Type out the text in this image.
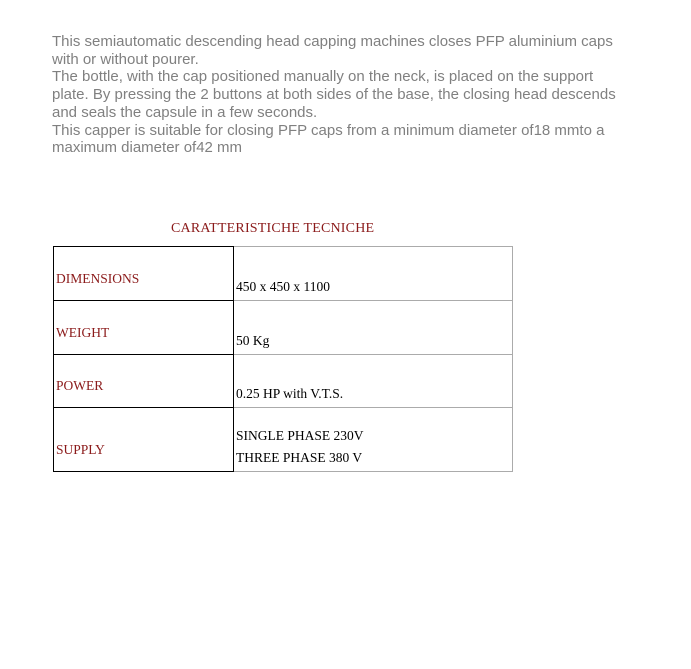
This semiautomatic descending head capping machines closes PFP aluminium caps
with or without pourer.
The bottle, with the cap positioned manually on the neck, is placed on the support
plate. By pressing the 2 buttons at both sides of the base, the closing head descends
and seals the capsule in a few seconds.
This capper is suitable for closing PFP caps from a minimum diameter of18 mmto a
maximum diameter of42 mm
CARATTERISTICHE TECNICHE
DIMENSIONS	450 x 450 x 1100

WEIGHT	50 Kg

POWER	0.25 HP with V.T.S.

SUPPLY	SINGLE PHASE 230V
THREE PHASE 380 V
